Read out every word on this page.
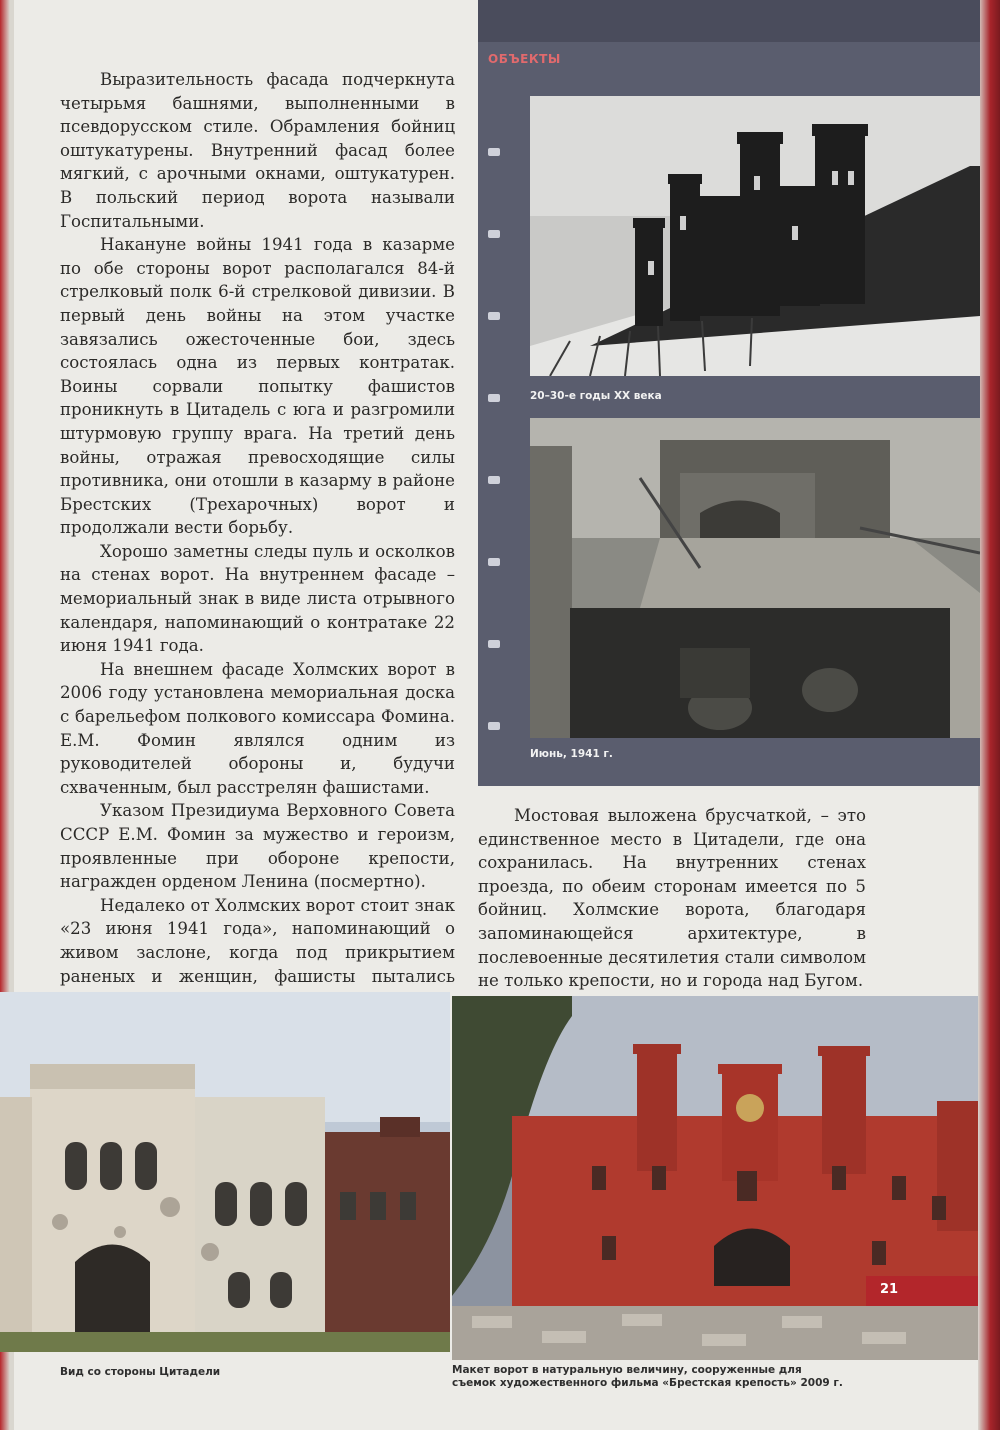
Выразительность фасада подчеркнута четырьмя башнями, выполненными в псевдорусском стиле. Обрамления бойниц оштукатурены. Внутренний фасад более мягкий, с арочными окнами, оштукатурен. В польский период ворота называли Госпитальными.

Накануне войны 1941 года в казарме по обе стороны ворот располагался 84-й стрелковый полк 6-й стрелковой дивизии. В первый день войны на этом участке завязались ожесточенные бои, здесь состоялась одна из первых контратак. Воины сорвали попытку фашистов проникнуть в Цитадель с юга и разгромили штурмовую группу врага. На третий день войны, отражая превосходящие силы противника, они отошли в казарму в районе Брестских (Трехарочных) ворот и продолжали вести борьбу.

Хорошо заметны следы пуль и осколков на стенах ворот. На внутреннем фасаде – мемориальный знак в виде листа отрывного календаря, напоминающий о контратаке 22 июня 1941 года.

На внешнем фасаде Холмских ворот в 2006 году установлена мемориальная доска с барельефом полкового комиссара Фомина. Е.М. Фомин являлся одним из руководителей обороны и, будучи схваченным, был расстрелян фашистами.

Указом Президиума Верховного Совета СССР Е.М. Фомин за мужество и героизм, проявленные при обороне крепости, награжден орденом Ленина (посмертно).

Недалеко от Холмских ворот стоит знак «23 июня 1941 года», напоминающий о живом заслоне, когда под прикрытием раненых и женщин, фашисты пытались

ОБЪЕКТЫ
20–30-е годы XX века
Июнь, 1941 г.

Мостовая выложена брусчаткой, – это единственное место в Цитадели, где она сохранилась. На внутренних стенах проезда, по обеим сторонам имеется по 5 бойниц. Холмские ворота, благодаря запоминающейся архитектуре, в послевоенные десятилетия стали символом не только крепости, но и города над Бугом.

Вид со стороны Цитадели	Макет ворот в натуральную величину, сооруженные для
съемок художественного фильма «Брестская крепость» 2009 г.
21
